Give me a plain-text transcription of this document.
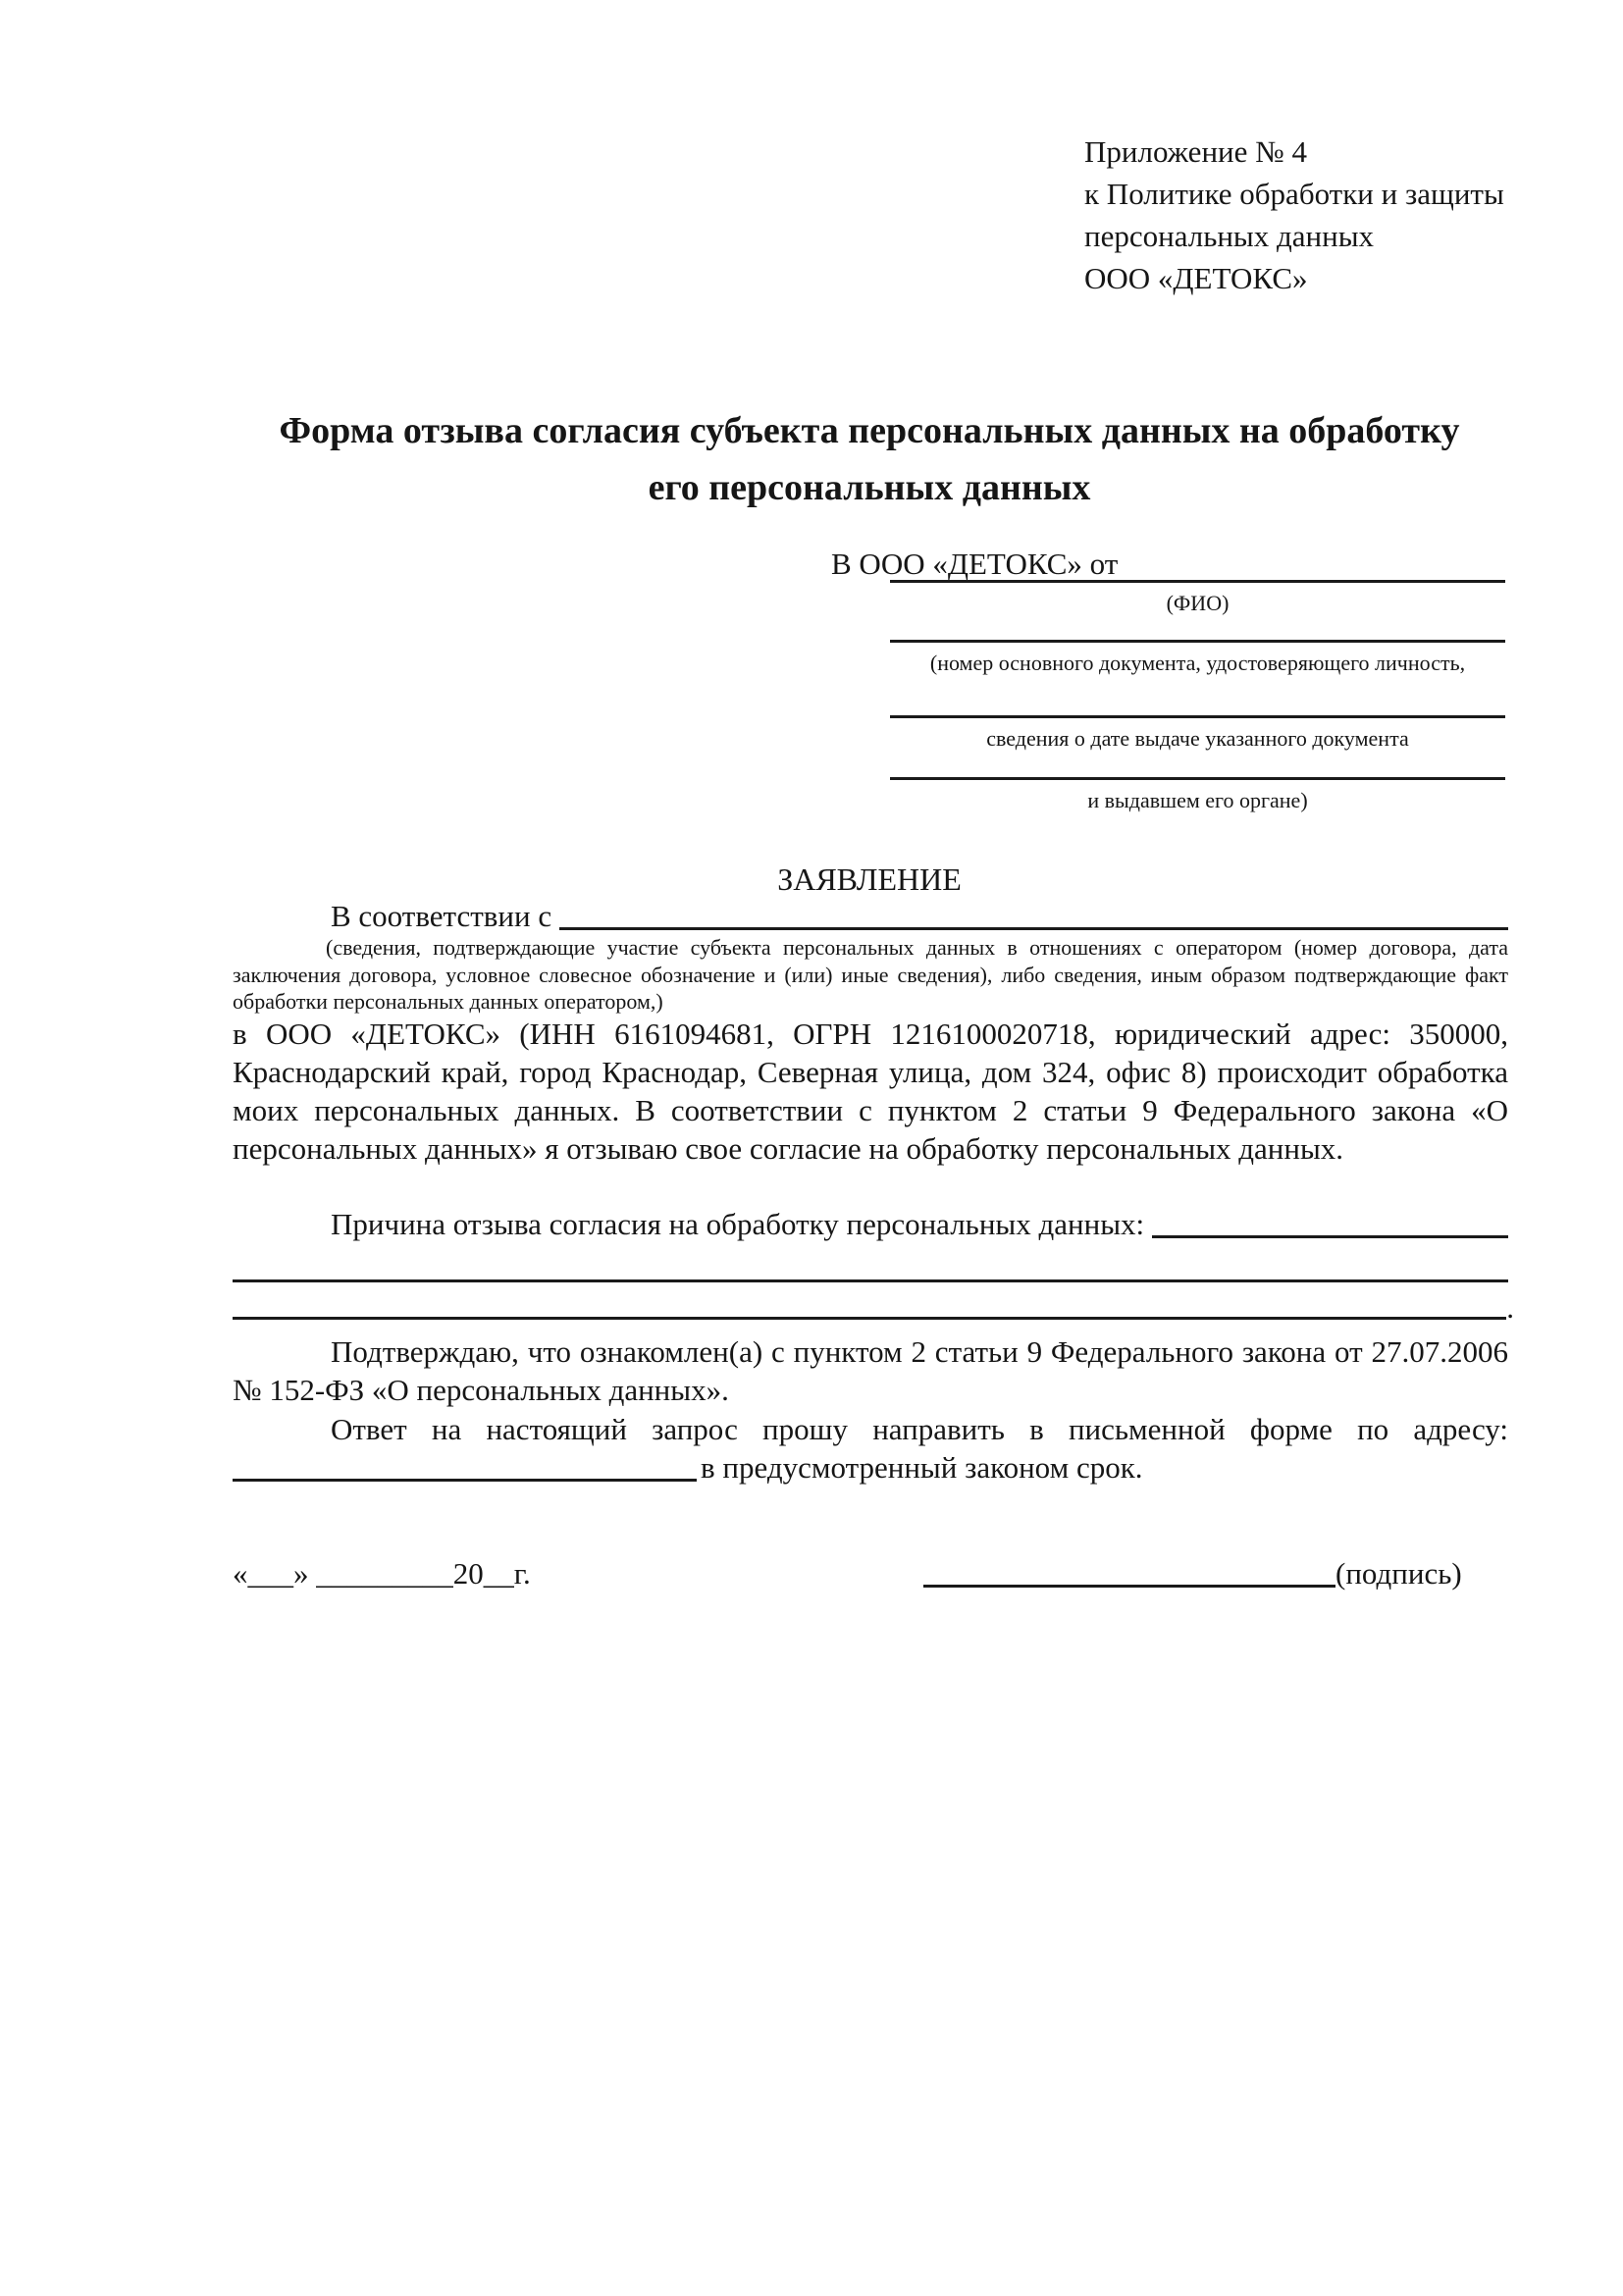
Приложение № 4
к Политике обработки и защиты
персональных данных
ООО «ДЕТОКС»
Форма отзыва согласия субъекта персональных данных на обработку
его персональных данных
В ООО «ДЕТОКС» от
(ФИО)
(номер основного документа, удостоверяющего личность,
сведения о дате выдаче указанного документа
и выдавшем его органе)
ЗАЯВЛЕНИЕ
В соответствии с
(сведения, подтверждающие участие субъекта персональных данных в отношениях с оператором (номер договора, дата заключения договора, условное словесное обозначение и (или) иные сведения), либо сведения, иным образом подтверждающие факт обработки персональных данных оператором,)
в ООО «ДЕТОКС» (ИНН 6161094681, ОГРН 1216100020718, юридический адрес: 350000, Краснодарский край, город Краснодар, Северная улица, дом 324, офис 8) происходит обработка моих персональных данных. В соответствии с пунктом 2 статьи 9 Федерального закона «О персональных данных» я отзываю свое согласие на обработку персональных данных.
Причина отзыва согласия на обработку персональных данных:
.
Подтверждаю, что ознакомлен(а) с пунктом 2 статьи 9 Федерального закона от 27.07.2006 № 152-ФЗ «О персональных данных».
Ответ на настоящий запрос прошу направить в письменной форме по адресу:
в предусмотренный законом срок.
«___» _________20__г.	(подпись)
